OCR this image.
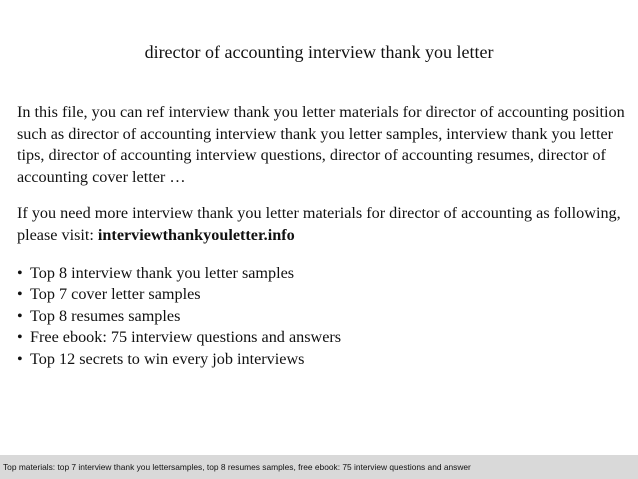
director of accounting interview thank you letter

In this file, you can ref interview thank you letter materials for director of accounting position such as director of accounting interview thank you letter samples, interview thank you letter tips, director of accounting interview questions, director of accounting resumes, director of accounting cover letter …

If you need more interview thank you letter materials for director of accounting as following, please visit: interviewthankyouletter.info

• Top 8 interview thank you letter samples
• Top 7 cover letter samples
• Top 8 resumes samples
• Free ebook: 75 interview questions and answers
• Top 12 secrets to win every job interviews
Top materials: top 7 interview thank you lettersamples, top 8 resumes samples, free ebook: 75 interview questions and answer
